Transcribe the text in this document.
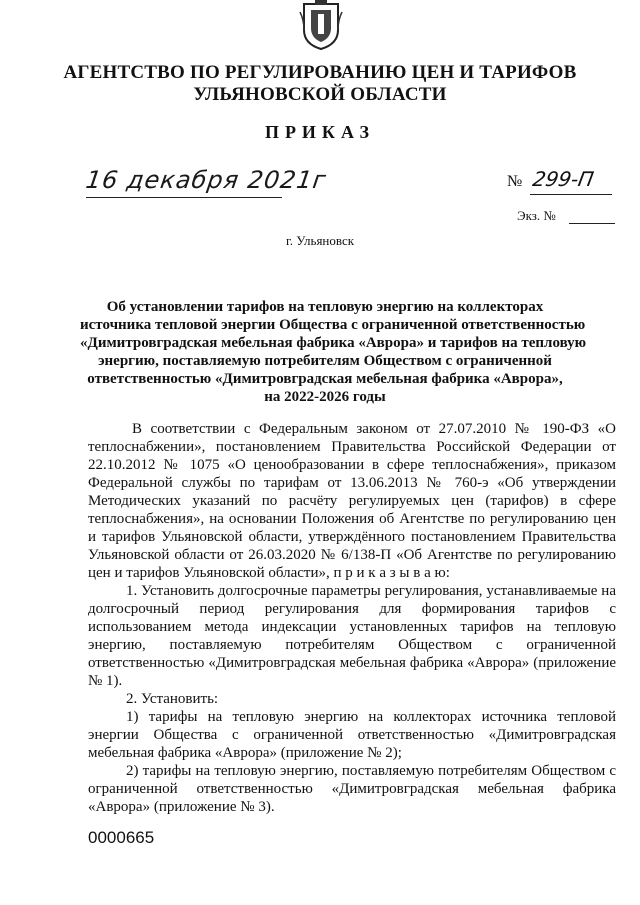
АГЕНТСТВО ПО РЕГУЛИРОВАНИЮ ЦЕН И ТАРИФОВ
УЛЬЯНОВСКОЙ ОБЛАСТИ
ПРИКАЗ
16 декабря 2021г	№ 299-П
Экз. №
г. Ульяновск
Об установлении тарифов на тепловую энергию на коллекторах
источника тепловой энергии Общества с ограниченной ответственностью
«Димитровградская мебельная фабрика «Аврора» и тарифов на тепловую
энергию, поставляемую потребителям Обществом с ограниченной
ответственностью «Димитровградская мебельная фабрика «Аврора»,
на 2022-2026 годы

В соответствии с Федеральным законом от 27.07.2010 № 190-ФЗ «О теплоснабжении», постановлением Правительства Российской Федерации от 22.10.2012 № 1075 «О ценообразовании в сфере теплоснабжения», приказом Федеральной службы по тарифам от 13.06.2013 № 760-э «Об утверждении Методических указаний по расчёту регулируемых цен (тарифов) в сфере теплоснабжения», на основании Положения об Агентстве по регулированию цен и тарифов Ульяновской области, утверждённого постановлением Правительства Ульяновской области от 26.03.2020 № 6/138-П «Об Агентстве по регулированию цен и тарифов Ульяновской области», п р и к а з ы в а ю:

1. Установить долгосрочные параметры регулирования, устанавливаемые на долгосрочный период регулирования для формирования тарифов с использованием метода индексации установленных тарифов на тепловую энергию, поставляемую потребителям Обществом с ограниченной ответственностью «Димитровградская мебельная фабрика «Аврора» (приложение № 1).

2. Установить:

1) тарифы на тепловую энергию на коллекторах источника тепловой энергии Общества с ограниченной ответственностью «Димитровградская мебельная фабрика «Аврора» (приложение № 2);

2) тарифы на тепловую энергию, поставляемую потребителям Обществом с ограниченной ответственностью «Димитровградская мебельная фабрика «Аврора» (приложение № 3).

0000665
